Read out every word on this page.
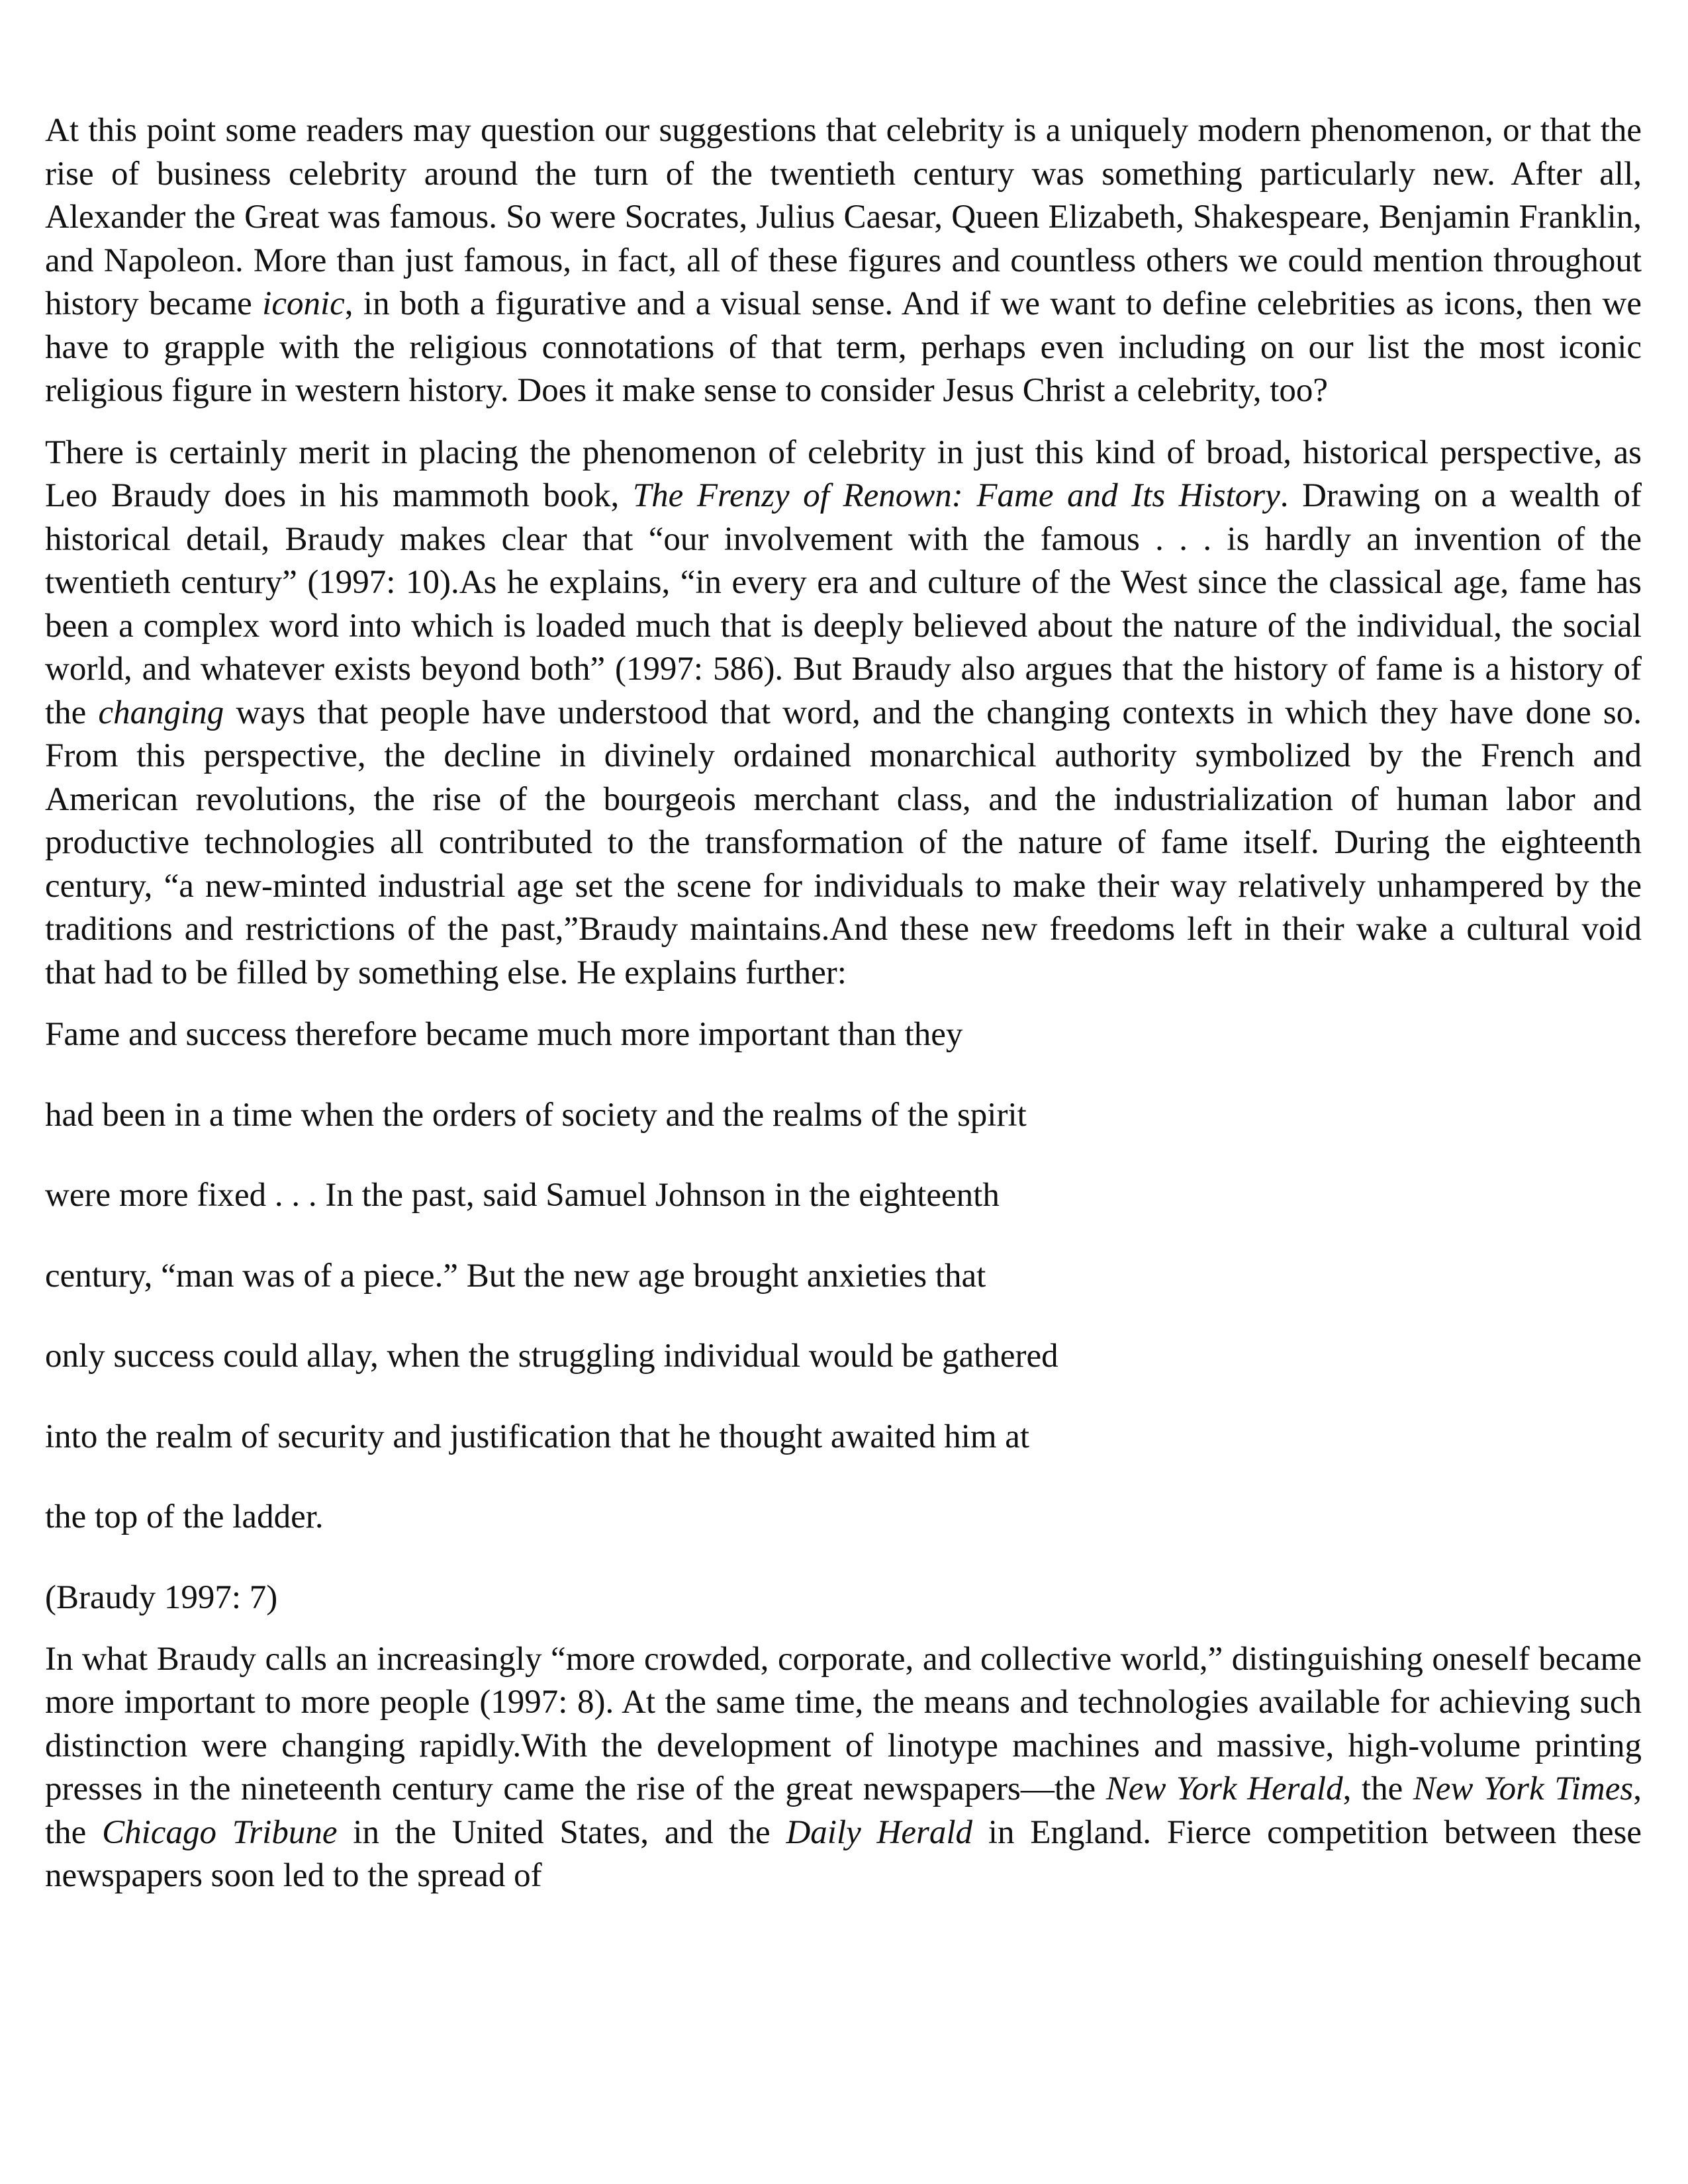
At this point some readers may question our suggestions that celebrity is a uniquely modern phenomenon, or that the rise of business celebrity around the turn of the twentieth century was something particularly new. After all, Alexander the Great was famous. So were Socrates, Julius Caesar, Queen Elizabeth, Shakespeare, Benjamin Franklin, and Napoleon. More than just famous, in fact, all of these figures and countless others we could mention throughout history became iconic, in both a figurative and a visual sense. And if we want to define celebrities as icons, then we have to grapple with the religious connotations of that term, perhaps even including on our list the most iconic religious figure in western history. Does it make sense to consider Jesus Christ a celebrity, too?

There is certainly merit in placing the phenomenon of celebrity in just this kind of broad, historical perspective, as Leo Braudy does in his mammoth book, The Frenzy of Renown: Fame and Its History. Drawing on a wealth of historical detail, Braudy makes clear that “our involvement with the famous . . . is hardly an invention of the twentieth century” (1997: 10).As he explains, “in every era and culture of the West since the classical age, fame has been a complex word into which is loaded much that is deeply believed about the nature of the individual, the social world, and whatever exists beyond both” (1997: 586). But Braudy also argues that the history of fame is a history of the changing ways that people have understood that word, and the changing contexts in which they have done so. From this perspective, the decline in divinely ordained monarchical authority symbolized by the French and American revolutions, the rise of the bourgeois merchant class, and the industrialization of human labor and productive technologies all contributed to the transformation of the nature of fame itself. During the eighteenth century, “a new-minted industrial age set the scene for individuals to make their way relatively unhampered by the traditions and restrictions of the past,”Braudy maintains.And these new freedoms left in their wake a cultural void that had to be filled by something else. He explains further:

Fame and success therefore became much more important than they

had been in a time when the orders of society and the realms of the spirit

were more fixed . . . In the past, said Samuel Johnson in the eighteenth

century, “man was of a piece.” But the new age brought anxieties that

only success could allay, when the struggling individual would be gathered

into the realm of security and justification that he thought awaited him at

the top of the ladder.

(Braudy 1997: 7)

In what Braudy calls an increasingly “more crowded, corporate, and collective world,” distinguishing oneself became more important to more people (1997: 8). At the same time, the means and technologies available for achieving such distinction were changing rapidly.With the development of linotype machines and massive, high-volume printing presses in the nineteenth century came the rise of the great newspapers—the New York Herald, the New York Times, the Chicago Tribune in the United States, and the Daily Herald in England. Fierce competition between these newspapers soon led to the spread of
